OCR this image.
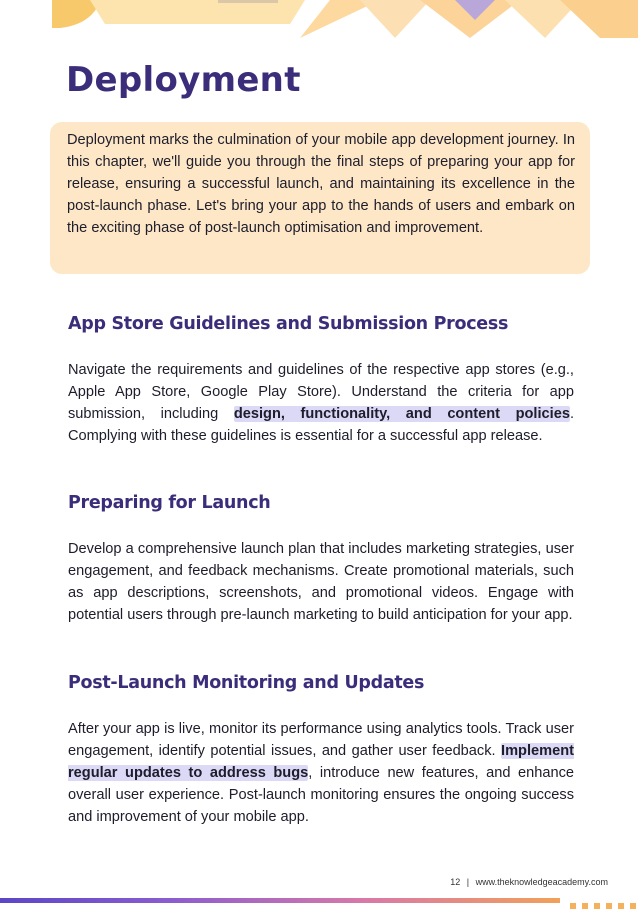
Deployment

Deployment marks the culmination of your mobile app development journey. In this chapter, we'll guide you through the final steps of preparing your app for release, ensuring a successful launch, and maintaining its excellence in the post-launch phase. Let's bring your app to the hands of users and embark on the exciting phase of post-launch optimisation and improvement.

App Store Guidelines and Submission Process

Navigate the requirements and guidelines of the respective app stores (e.g., Apple App Store, Google Play Store). Understand the criteria for app submission, including design, functionality, and content policies. Complying with these guidelines is essential for a successful app release.

Preparing for Launch

Develop a comprehensive launch plan that includes marketing strategies, user engagement, and feedback mechanisms. Create promotional materials, such as app descriptions, screenshots, and promotional videos. Engage with potential users through pre-launch marketing to build anticipation for your app.

Post-Launch Monitoring and Updates

After your app is live, monitor its performance using analytics tools. Track user engagement, identify potential issues, and gather user feedback. Implement regular updates to address bugs, introduce new features, and enhance overall user experience. Post-launch monitoring ensures the ongoing success and improvement of your mobile app.

12 | www.theknowledgeacademy.com
